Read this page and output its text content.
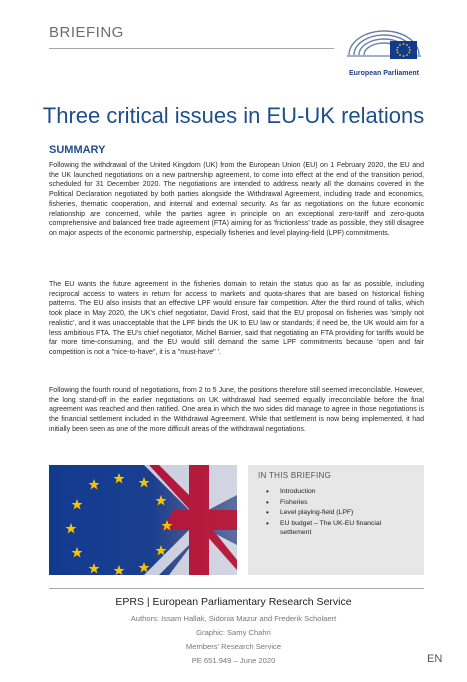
BRIEFING
European Parliament
Three critical issues in EU-UK relations
SUMMARY

Following the withdrawal of the United Kingdom (UK) from the European Union (EU) on 1 February 2020, the EU and the UK launched negotiations on a new partnership agreement, to come into effect at the end of the transition period, scheduled for 31 December 2020. The negotiations are intended to address nearly all the domains covered in the Political Declaration negotiated by both parties alongside the Withdrawal Agreement, including trade and economics, fisheries, thematic cooperation, and internal and external security. As far as negotiations on the future economic relationship are concerned, while the parties agree in principle on an exceptional zero-tariff and zero-quota comprehensive and balanced free trade agreement (FTA) aiming for as 'frictionless' trade as possible, they still disagree on major aspects of the economic partnership, especially fisheries and level playing-field (LPF) commitments.

The EU wants the future agreement in the fisheries domain to retain the status quo as far as possible, including reciprocal access to waters in return for access to markets and quota-shares that are based on historical fishing patterns. The EU also insists that an effective LPF would ensure fair competition. After the third round of talks, which took place in May 2020, the UK's chief negotiator, David Frost, said that the EU proposal on fisheries was 'simply not realistic', and it was unacceptable that the LPF binds the UK to EU law or standards; if need be, the UK would aim for a less ambitious FTA. The EU's chief negotiator, Michel Barnier, said that negotiating an FTA providing for tariffs would be far more time-consuming, and the EU would still demand the same LPF commitments because 'open and fair competition is not a "nice-to-have", it is a "must-have" '.

Following the fourth round of negotiations, from 2 to 5 June, the positions therefore still seemed irreconcilable. However, the long stand-off in the earlier negotiations on UK withdrawal had seemed equally irreconcilable before the final agreement was reached and then ratified. One area in which the two sides did manage to agree in those negotiations is the financial settlement included in the Withdrawal Agreement. While that settlement is now being implemented, it had initially been seen as one of the more difficult areas of the withdrawal negotiations.

IN THIS BRIEFING
• Introduction
• Fisheries
• Level playing-field (LPF)
• EU budget – The UK-EU financial settlement
EPRS | European Parliamentary Research Service
Authors: Issam Hallak, Sidonia Mazur and Frederik Scholaert
Graphic: Samy Chahri
Members' Research Service
PE 651.949 – June 2020	EN
